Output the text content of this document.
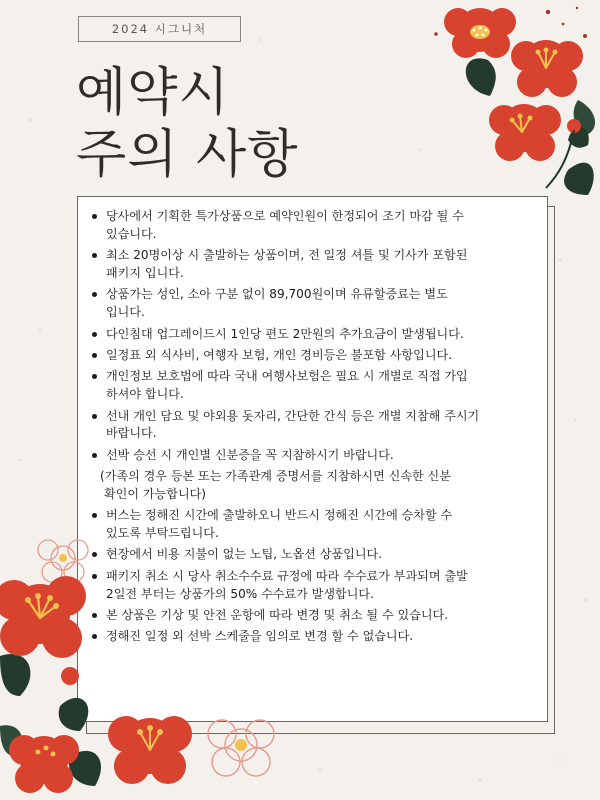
2024 시그니처
예약시
주의 사항
당사에서 기획한 특가상품으로 예약인원이 한정되어 조기 마감 될 수
있습니다.
최소 20명이상 시 출발하는 상품이며, 전 일정 셔틀 및 기사가 포함된
패키지 입니다.
상품가는 성인, 소아 구분 없이 89,700원이며 유류할증료는 별도
입니다.
다인침대 업그레이드시 1인당 편도 2만원의 추가요금이 발생됩니다.
일정표 외 식사비, 여행자 보험, 개인 경비등은 불포함 사항입니다.
개인정보 보호법에 따라 국내 여행사보험은 필요 시 개별로 직접 가입
하셔야 합니다.
선내 개인 담요 및 야외용 돗자리, 간단한 간식 등은 개별 지참해 주시기
바랍니다.
선박 승선 시 개인별 신분증을 꼭 지참하시기 바랍니다.
(가족의 경우 등본 또는 가족관계 증명서를 지참하시면 신속한 신분
확인이 가능합니다)
버스는 정해진 시간에 출발하오니 반드시 정해진 시간에 승차할 수
있도록 부탁드립니다.
현장에서 비용 지불이 없는 노팁, 노옵션 상품입니다.
패키지 취소 시 당사 취소수수료 규정에 따라 수수료가 부과되며 출발
2일전 부터는 상품가의 50% 수수료가 발생합니다.
본 상품은 기상 및 안전 운항에 따라 변경 및 취소 될 수 있습니다.
정해진 일정 외 선박 스케줄을 임의로 변경 할 수 없습니다.
